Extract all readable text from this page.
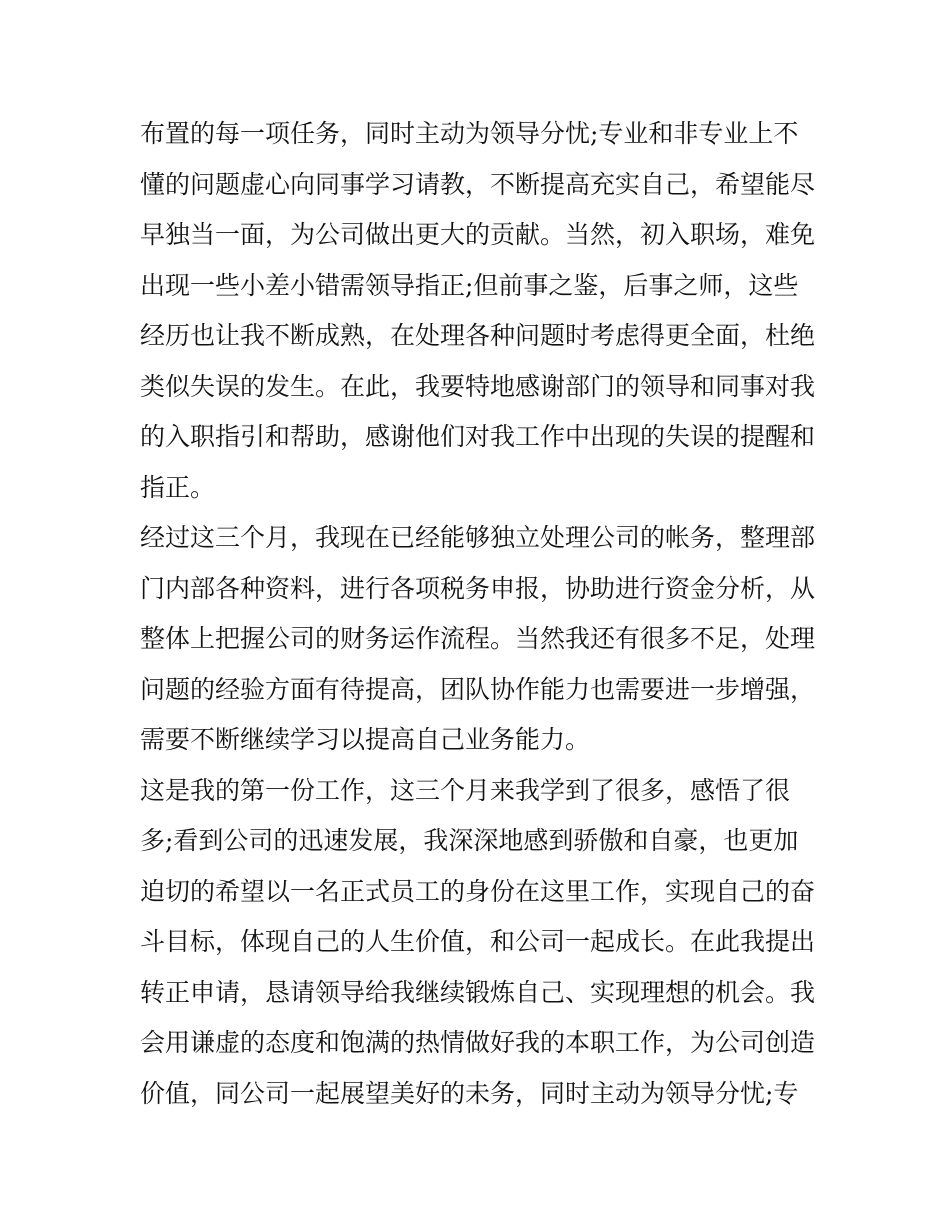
布置的每一项任务，同时主动为领导分忧;专业和非专业上不
懂的问题虚心向同事学习请教，不断提高充实自己，希望能尽
早独当一面，为公司做出更大的贡献。当然，初入职场，难免
出现一些小差小错需领导指正;但前事之鉴，后事之师，这些
经历也让我不断成熟，在处理各种问题时考虑得更全面，杜绝
类似失误的发生。在此，我要特地感谢部门的领导和同事对我
的入职指引和帮助，感谢他们对我工作中出现的失误的提醒和
指正。
经过这三个月，我现在已经能够独立处理公司的帐务，整理部
门内部各种资料，进行各项税务申报，协助进行资金分析，从
整体上把握公司的财务运作流程。当然我还有很多不足，处理
问题的经验方面有待提高，团队协作能力也需要进一步增强，
需要不断继续学习以提高自己业务能力。
这是我的第一份工作，这三个月来我学到了很多，感悟了很
多;看到公司的迅速发展，我深深地感到骄傲和自豪，也更加
迫切的希望以一名正式员工的身份在这里工作，实现自己的奋
斗目标，体现自己的人生价值，和公司一起成长。在此我提出
转正申请，恳请领导给我继续锻炼自己、实现理想的机会。我
会用谦虚的态度和饱满的热情做好我的本职工作，为公司创造
价值，同公司一起展望美好的未务，同时主动为领导分忧;专
